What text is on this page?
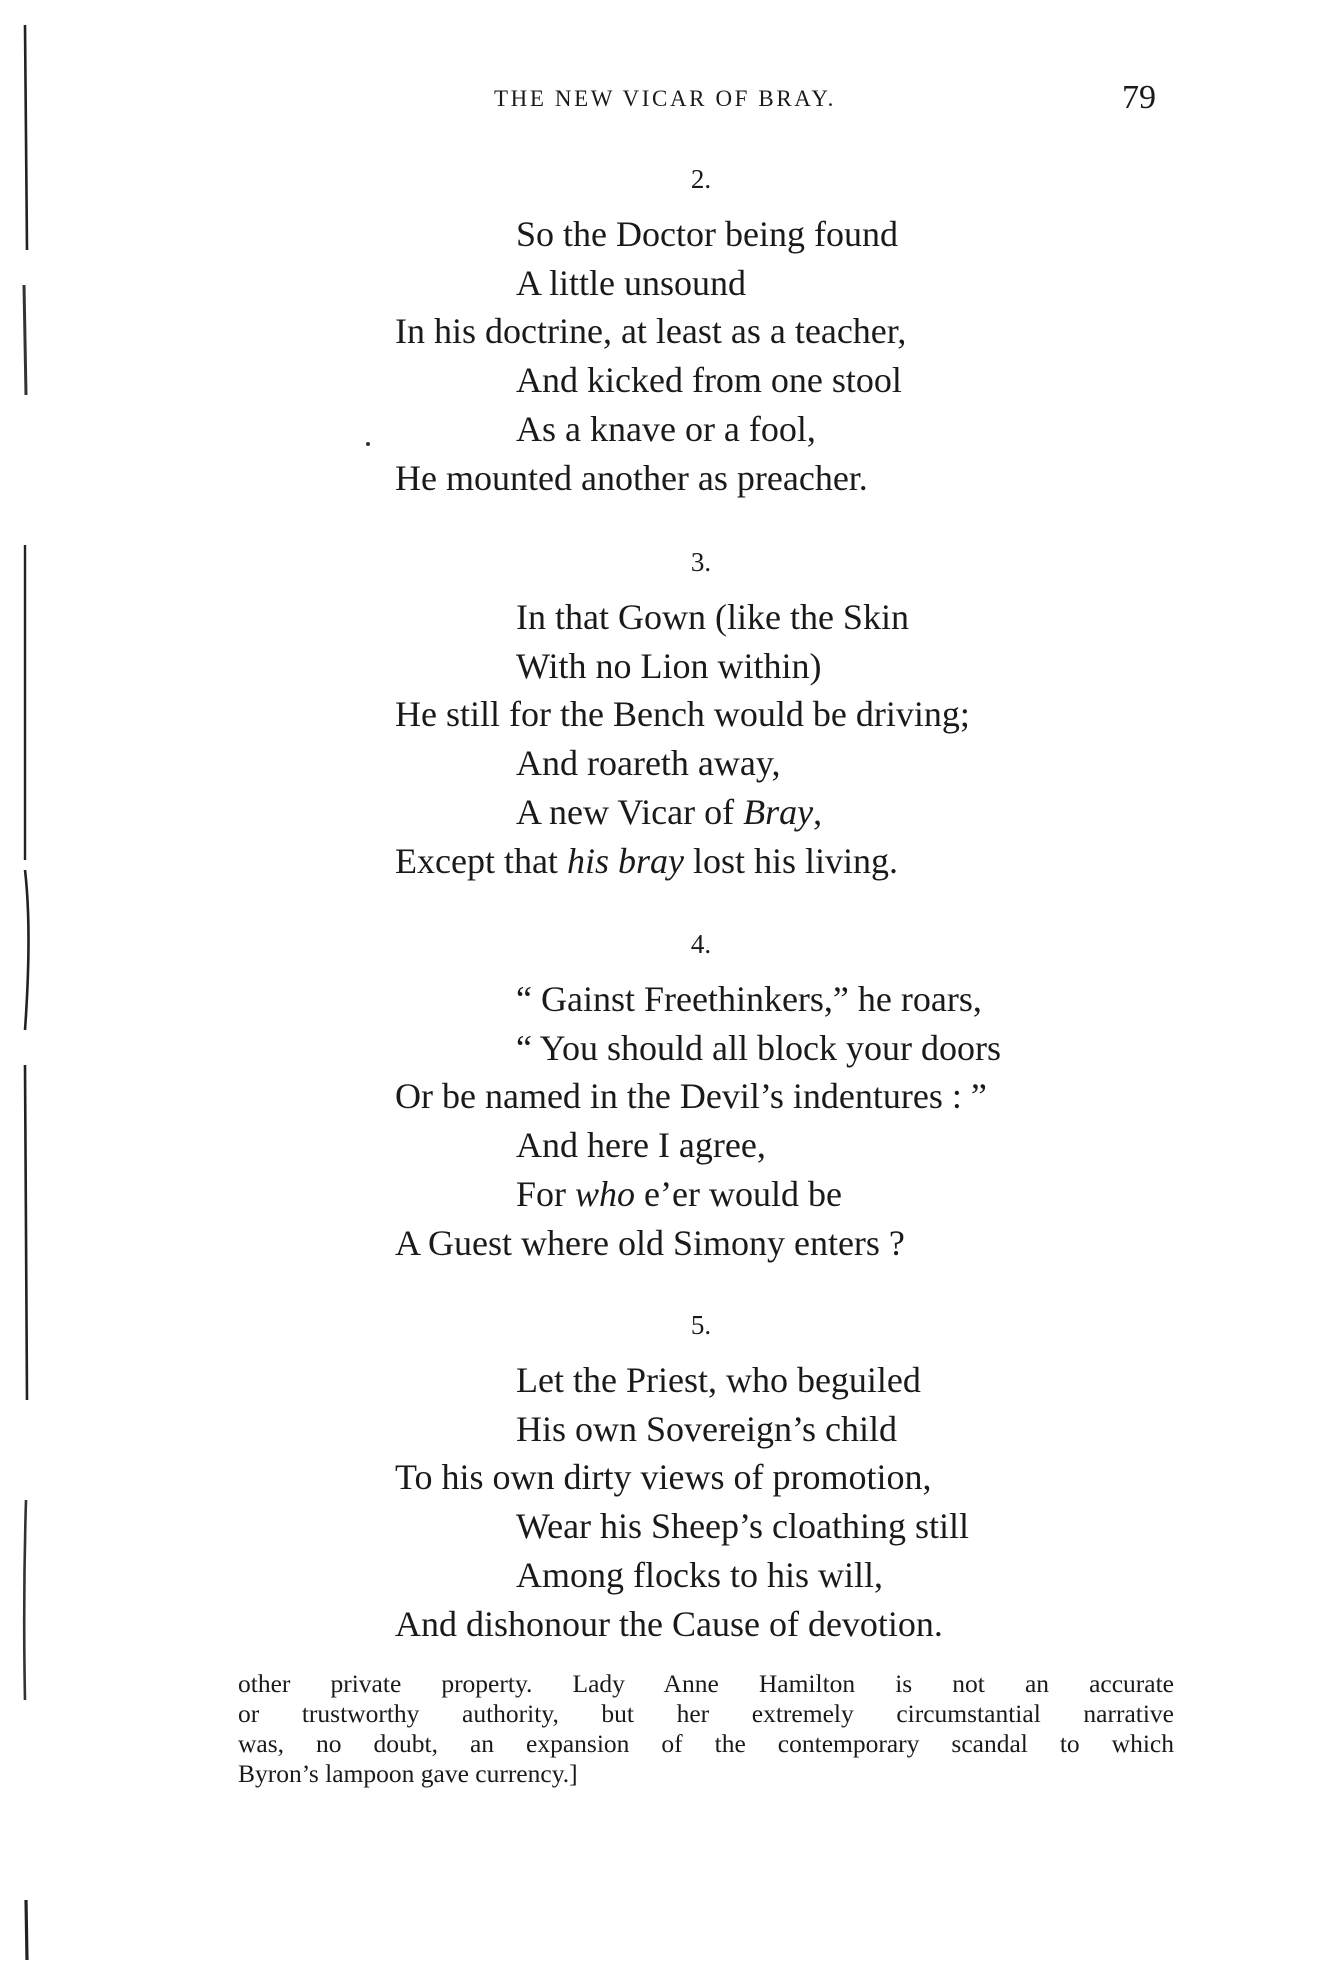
THE NEW VICAR OF BRAY.	79
2.
So the Doctor being found
A little unsound
In his doctrine, at least as a teacher,
And kicked from one stool
As a knave or a fool,
He mounted another as preacher.
3.
In that Gown (like the Skin
With no Lion within)
He still for the Bench would be driving;
And roareth away,
A new Vicar of Bray,
Except that his bray lost his living.
4.
“ Gainst Freethinkers,” he roars,
“ You should all block your doors
Or be named in the Devil’s indentures : ”
And here I agree,
For who e’er would be
A Guest where old Simony enters ?
5.
Let the Priest, who beguiled
His own Sovereign’s child
To his own dirty views of promotion,
Wear his Sheep’s cloathing still
Among flocks to his will,
And dishonour the Cause of devotion.
other private property. Lady Anne Hamilton is not an accurate
or trustworthy authority, but her extremely circumstantial narrative
was, no doubt, an expansion of the contemporary scandal to which
Byron’s lampoon gave currency.]
